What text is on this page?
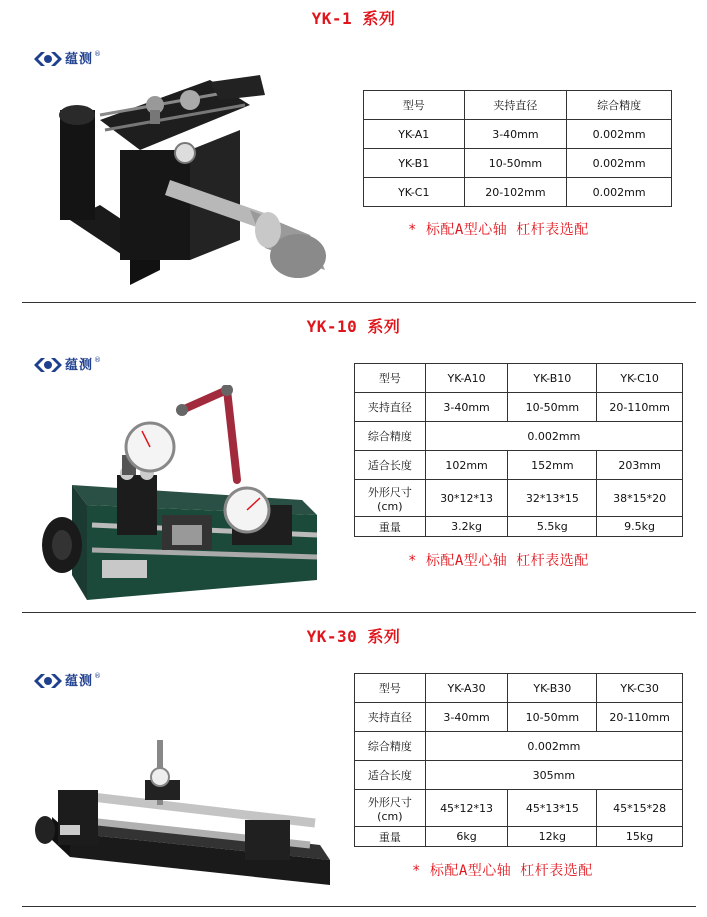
YK-1 系列
蕴测 ®
型号	夹持直径	综合精度
YK-A1	3-40mm	0.002mm
YK-B1	10-50mm	0.002mm
YK-C1	20-102mm	0.002mm
* 标配A型心轴 杠杆表选配
YK-10 系列
蕴测 ®
型号	YK-A10	YK-B10	YK-C10
夹持直径	3-40mm	10-50mm	20-110mm
综合精度	0.002mm		
适合长度	102mm	152mm	203mm

外形尺寸
(cm)	30*12*13	32*13*15	38*15*20
重量	3.2kg	5.5kg	9.5kg
* 标配A型心轴 杠杆表选配
YK-30 系列
蕴测 ®
型号	YK-A30	YK-B30	YK-C30
夹持直径	3-40mm	10-50mm	20-110mm
综合精度	0.002mm		
适合长度	305mm		

外形尺寸
(cm)	45*12*13	45*13*15	45*15*28
重量	6kg	12kg	15kg
* 标配A型心轴 杠杆表选配
